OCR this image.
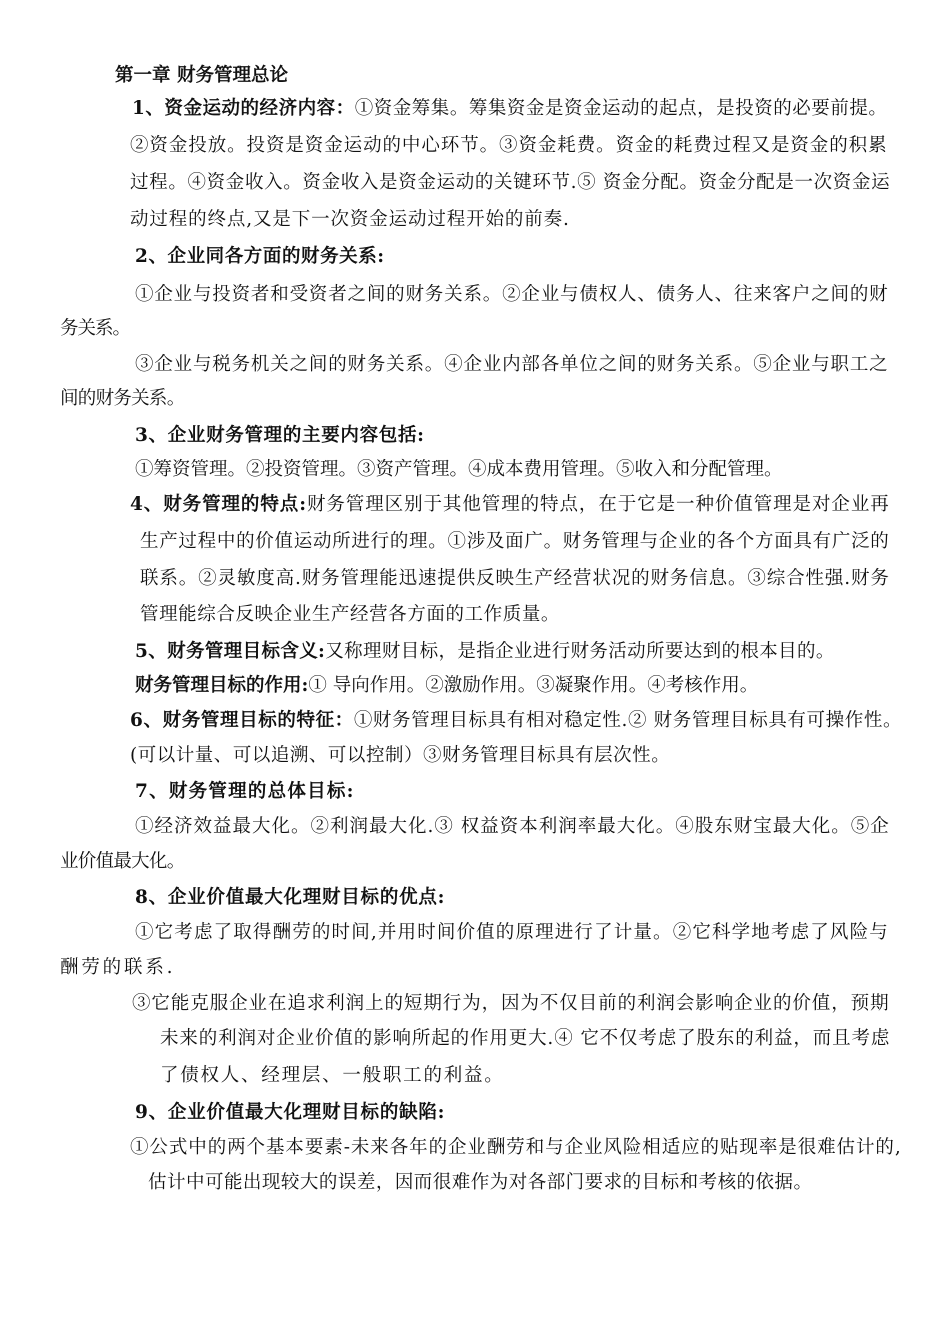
第一章 财务管理总论
1、资金运动的经济内容：①资金筹集。筹集资金是资金运动的起点，是投资的必要前提。
②资金投放。投资是资金运动的中心环节。③资金耗费。资金的耗费过程又是资金的积累
过程。④资金收入。资金收入是资金运动的关键环节.⑤ 资金分配。资金分配是一次资金运
动过程的终点,又是下一次资金运动过程开始的前奏.
2、企业同各方面的财务关系:
①企业与投资者和受资者之间的财务关系。②企业与债权人、债务人、往来客户之间的财
务关系。
③企业与税务机关之间的财务关系。④企业内部各单位之间的财务关系。⑤企业与职工之
间的财务关系。
3、企业财务管理的主要内容包括:
①筹资管理。②投资管理。③资产管理。④成本费用管理。⑤收入和分配管理。
4、财务管理的特点:财务管理区别于其他管理的特点，在于它是一种价值管理是对企业再
生产过程中的价值运动所进行的理。①涉及面广。财务管理与企业的各个方面具有广泛的
联系。②灵敏度高.财务管理能迅速提供反映生产经营状况的财务信息。③综合性强.财务
管理能综合反映企业生产经营各方面的工作质量。
5、财务管理目标含义:又称理财目标，是指企业进行财务活动所要达到的根本目的。
财务管理目标的作用:① 导向作用。②激励作用。③凝聚作用。④考核作用。
6、财务管理目标的特征：①财务管理目标具有相对稳定性.② 财务管理目标具有可操作性。
(可以计量、可以追溯、可以控制）③财务管理目标具有层次性。
7、财务管理的总体目标:
①经济效益最大化。②利润最大化.③ 权益资本利润率最大化。④股东财宝最大化。⑤企
业价值最大化。
8、企业价值最大化理财目标的优点:
①它考虑了取得酬劳的时间,并用时间价值的原理进行了计量。②它科学地考虑了风险与
酬劳的联系.
③它能克服企业在追求利润上的短期行为，因为不仅目前的利润会影响企业的价值，预期
未来的利润对企业价值的影响所起的作用更大.④ 它不仅考虑了股东的利益，而且考虑
了债权人、经理层、一般职工的利益。
9、企业价值最大化理财目标的缺陷:
①公式中的两个基本要素-未来各年的企业酬劳和与企业风险相适应的贴现率是很难估计的,
估计中可能出现较大的误差，因而很难作为对各部门要求的目标和考核的依据。
